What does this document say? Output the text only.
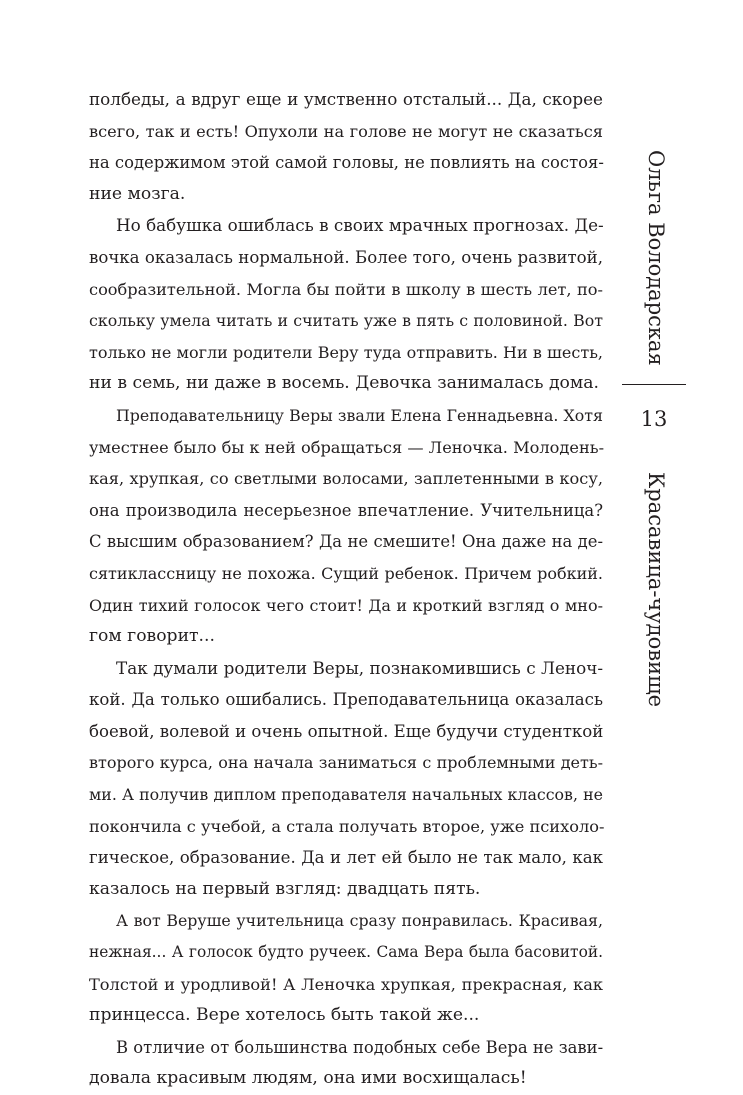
полбеды, а вдруг еще и умственно отсталый... Да, скорее
всего, так и есть! Опухоли на голове не могут не сказаться
на содержимом этой самой головы, не повлиять на состоя-
ние мозга.
Но бабушка ошиблась в своих мрачных прогнозах. Де-
вочка оказалась нормальной. Более того, очень развитой,
сообразительной. Могла бы пойти в школу в шесть лет, по-
скольку умела читать и считать уже в пять с половиной. Вот
только не могли родители Веру туда отправить. Ни в шесть,
ни в семь, ни даже в восемь. Девочка занималась дома.
Преподавательницу Веры звали Елена Геннадьевна. Хотя
уместнее было бы к ней обращаться — Леночка. Молодень-
кая, хрупкая, со светлыми волосами, заплетенными в косу,
она производила несерьезное впечатление. Учительница?
С высшим образованием? Да не смешите! Она даже на де-
сятиклассницу не похожа. Сущий ребенок. Причем робкий.
Один тихий голосок чего стоит! Да и кроткий взгляд о мно-
гом говорит...
Так думали родители Веры, познакомившись с Леноч-
кой. Да только ошибались. Преподавательница оказалась
боевой, волевой и очень опытной. Еще будучи студенткой
второго курса, она начала заниматься с проблемными деть-
ми. А получив диплом преподавателя начальных классов, не
покончила с учебой, а стала получать второе, уже психоло-
гическое, образование. Да и лет ей было не так мало, как
казалось на первый взгляд: двадцать пять.
А вот Веруше учительница сразу понравилась. Красивая,
нежная... А голосок будто ручеек. Сама Вера была басовитой.
Толстой и уродливой! А Леночка хрупкая, прекрасная, как
принцесса. Вере хотелось быть такой же...
В отличие от большинства подобных себе Вера не зави-
довала красивым людям, она ими восхищалась!
Ольга Володарская
13
Красавица-чудовище
